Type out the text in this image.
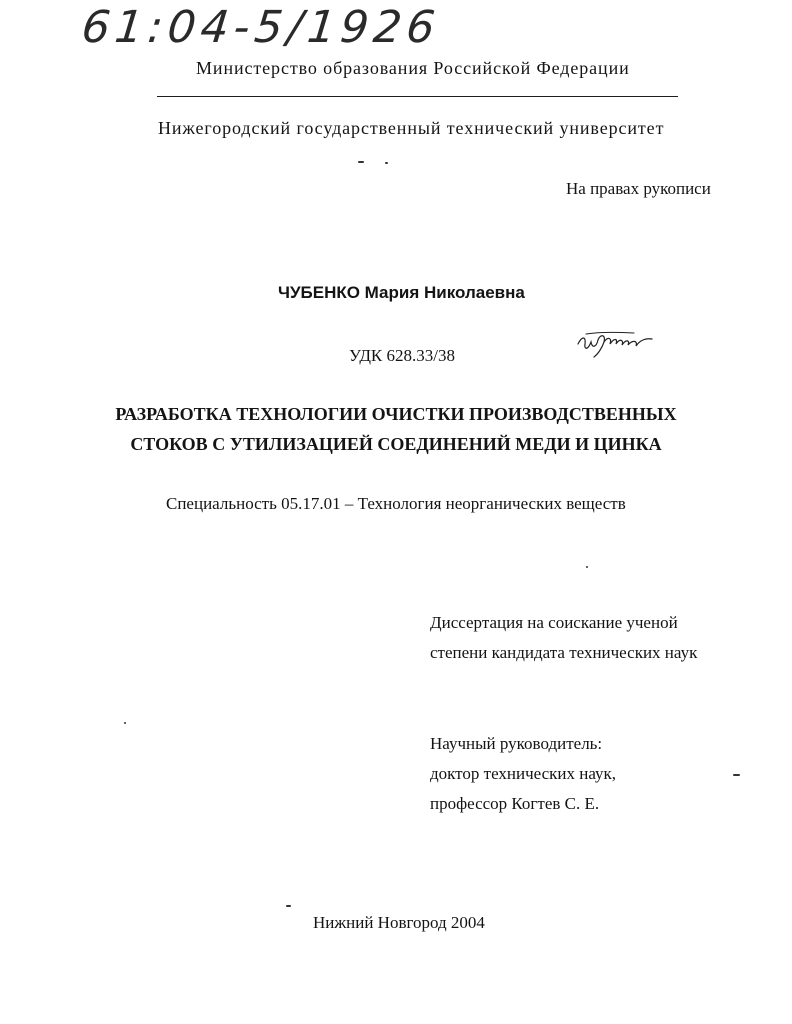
61:04-5/1926
Министерство образования Российской Федерации
Нижегородский государственный технический университет
На правах рукописи
ЧУБЕНКО Мария Николаевна
УДК 628.33/38
РАЗРАБОТКА ТЕХНОЛОГИИ ОЧИСТКИ ПРОИЗВОДСТВЕННЫХ
СТОКОВ С УТИЛИЗАЦИЕЙ СОЕДИНЕНИЙ МЕДИ И ЦИНКА
Специальность 05.17.01 – Технология неорганических веществ
Диссертация на соискание ученой
степени кандидата технических наук
Научный руководитель:
доктор технических наук,
профессор Когтев С. Е.
Нижний Новгород 2004
